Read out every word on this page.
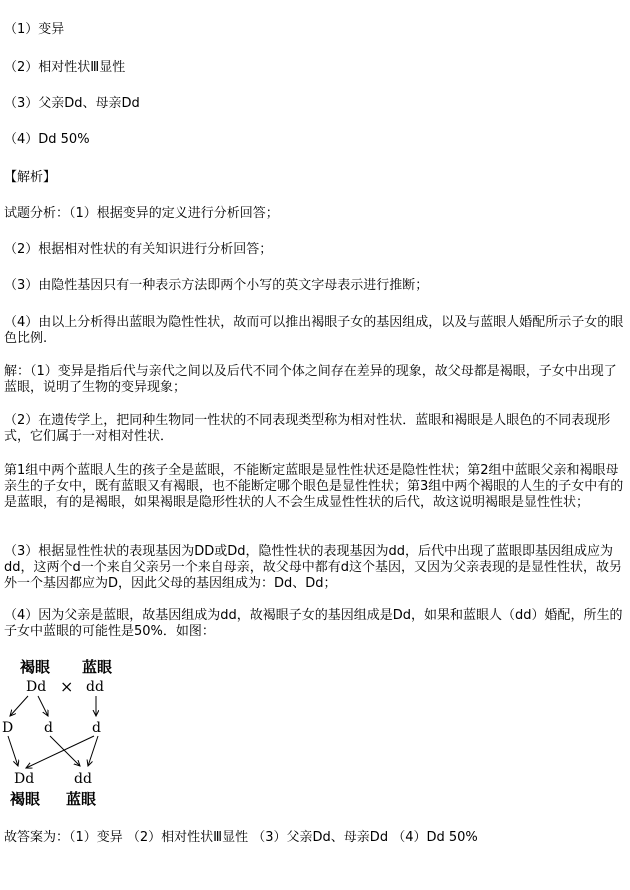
（1）变异
（2）相对性状Ⅲ显性
（3）父亲Dd、母亲Dd
（4）Dd 50%
【解析】
试题分析：（1）根据变异的定义进行分析回答；
（2）根据相对性状的有关知识进行分析回答；
（3）由隐性基因只有一种表示方法即两个小写的英文字母表示进行推断；
（4）由以上分析得出蓝眼为隐性性状，故而可以推出褐眼子女的基因组成，以及与蓝眼人婚配所示子女的眼色比例.
解：（1）变异是指后代与亲代之间以及后代不同个体之间存在差异的现象，故父母都是褐眼，子女中出现了蓝眼，说明了生物的变异现象；
（2）在遗传学上，把同种生物同一性状的不同表现类型称为相对性状．蓝眼和褐眼是人眼色的不同表现形式，它们属于一对相对性状．
第1组中两个蓝眼人生的孩子全是蓝眼，不能断定蓝眼是显性性状还是隐性性状；第2组中蓝眼父亲和褐眼母亲生的子女中，既有蓝眼又有褐眼，也不能断定哪个眼色是显性性状；第3组中两个褐眼的人生的子女中有的是蓝眼，有的是褐眼，如果褐眼是隐形性状的人不会生成显性性状的后代，故这说明褐眼是显性性状；
（3）根据显性性状的表现基因为DD或Dd，隐性性状的表现基因为dd，后代中出现了蓝眼即基因组成应为dd，这两个d一个来自父亲另一个来自母亲，故父母中都有d这个基因，又因为父亲表现的是显性性状，故另外一个基因都应为D，因此父母的基因组成为：Dd、Dd；
（4）因为父亲是蓝眼，故基因组成为dd，故褐眼子女的基因组成是Dd，如果和蓝眼人（dd）婚配，所生的子女中蓝眼的可能性是50%．如图：
褐眼
Dd ×
蓝眼
dd
D d	d
Dd
褐眼
dd
蓝眼
故答案为：（1）变异 （2）相对性状Ⅲ显性 （3）父亲Dd、母亲Dd （4）Dd 50%
